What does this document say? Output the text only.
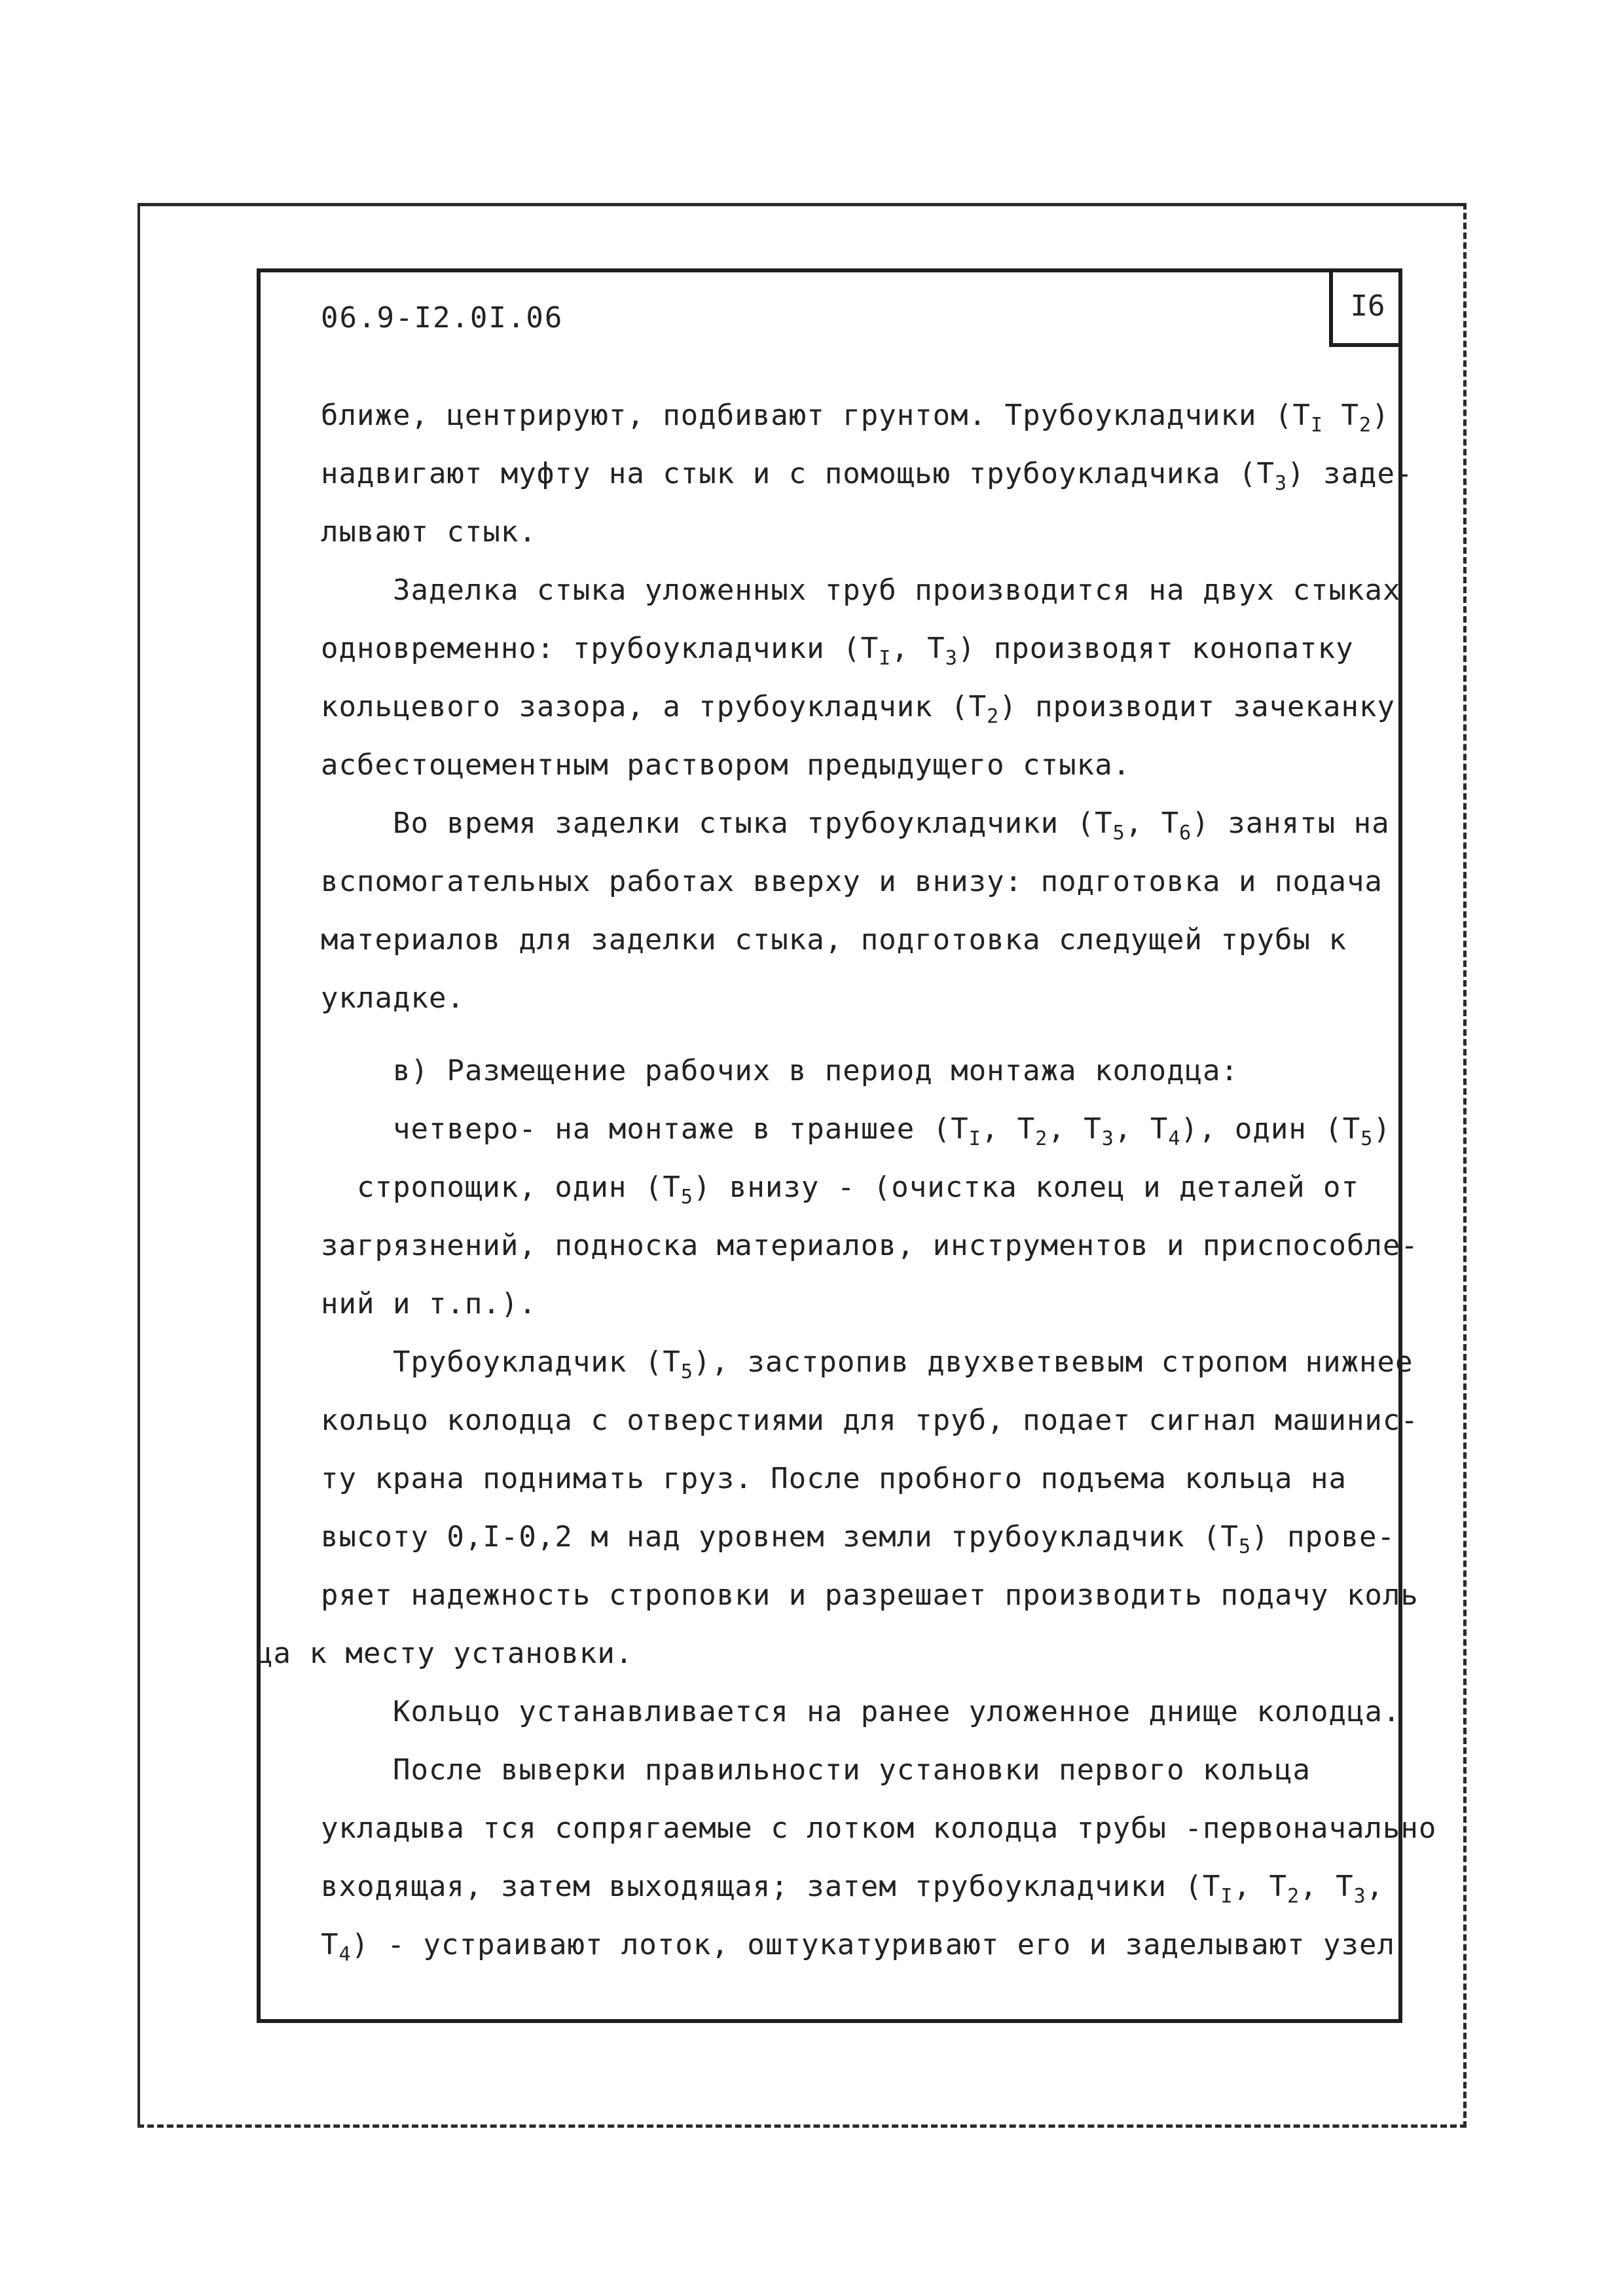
06.9-I2.0I.06	I6
ближе, центрируют, подбивают грунтом. Трубоукладчики ($T_I$ $T_2$)
надвигают муфту на стык и с помощью трубоукладчика $(T_3)$ заде-
лывают стык.
Заделка стыка уложенных труб производится на двух стыках
одновременно: трубоукладчики ($T_I$, $T_3$) производят конопатку
кольцевого зазора, а трубоукладчик $(T_2)$ производит зачеканку
асбестоцементным раствором предыдущего стыка.
Во время заделки стыка трубоукладчики ($T_5$, $T_6$) заняты на
вспомогательных работах вверху и внизу: подготовка и подача
материалов для заделки стыка, подготовка следущей трубы к
укладке.
в) Размещение рабочих в период монтажа колодца:
четверо- на монтаже в траншее ($T_I$, $T_2$, $T_3$, $T_4$), один $(T_5)$
стропощик, один $(T_5)$ внизу - (очистка колец и деталей от
загрязнений, подноска материалов, инструментов и приспособле-
ний и т.п.).
Трубоукладчик $(T_5)$, застропив двухветвевым стропом нижнее
кольцо колодца с отверстиями для труб, подает сигнал машинис-
ту крана поднимать груз. После пробного подъема кольца на
высоту 0,I-0,2 м над уровнем земли трубоукладчик $(T_5)$ прове-
ряет надежность строповки и разрешает производить подачу коль
ца к месту установки.
Кольцо устанавливается на ранее уложенное днище колодца.
После выверки правильности установки первого кольца
укладыва тся сопрягаемые с лотком колодца трубы -первоначально
входящая, затем выходящая; затем трубоукладчики ($T_I$, $T_2$, $T_3$,
$T_4$) - устраивают лоток, оштукатуривают его и заделывают узел
